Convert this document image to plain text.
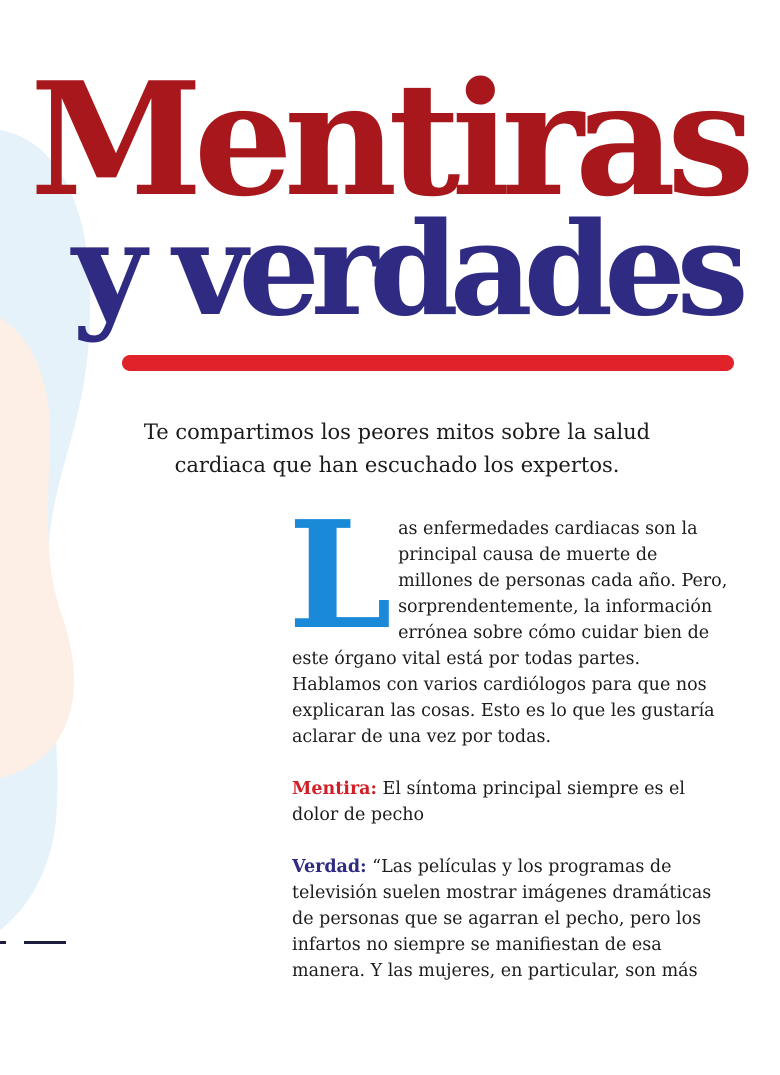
Mentiras
y verdades

Te compartimos los peores mitos sobre la salud cardiaca que han escuchado los expertos.

Las enfermedades cardiacas son la principal causa de muerte de millones de personas cada año. Pero, sorprendentemente, la información errónea sobre cómo cuidar bien de este órgano vital está por todas partes. Hablamos con varios cardiólogos para que nos explicaran las cosas. Esto es lo que les gustaría aclarar de una vez por todas.

Mentira: El síntoma principal siempre es el dolor de pecho

Verdad: “Las películas y los programas de televisión suelen mostrar imágenes dramáticas de personas que se agarran el pecho, pero los infartos no siempre se manifiestan de esa manera. Y las mujeres, en particular, son más
